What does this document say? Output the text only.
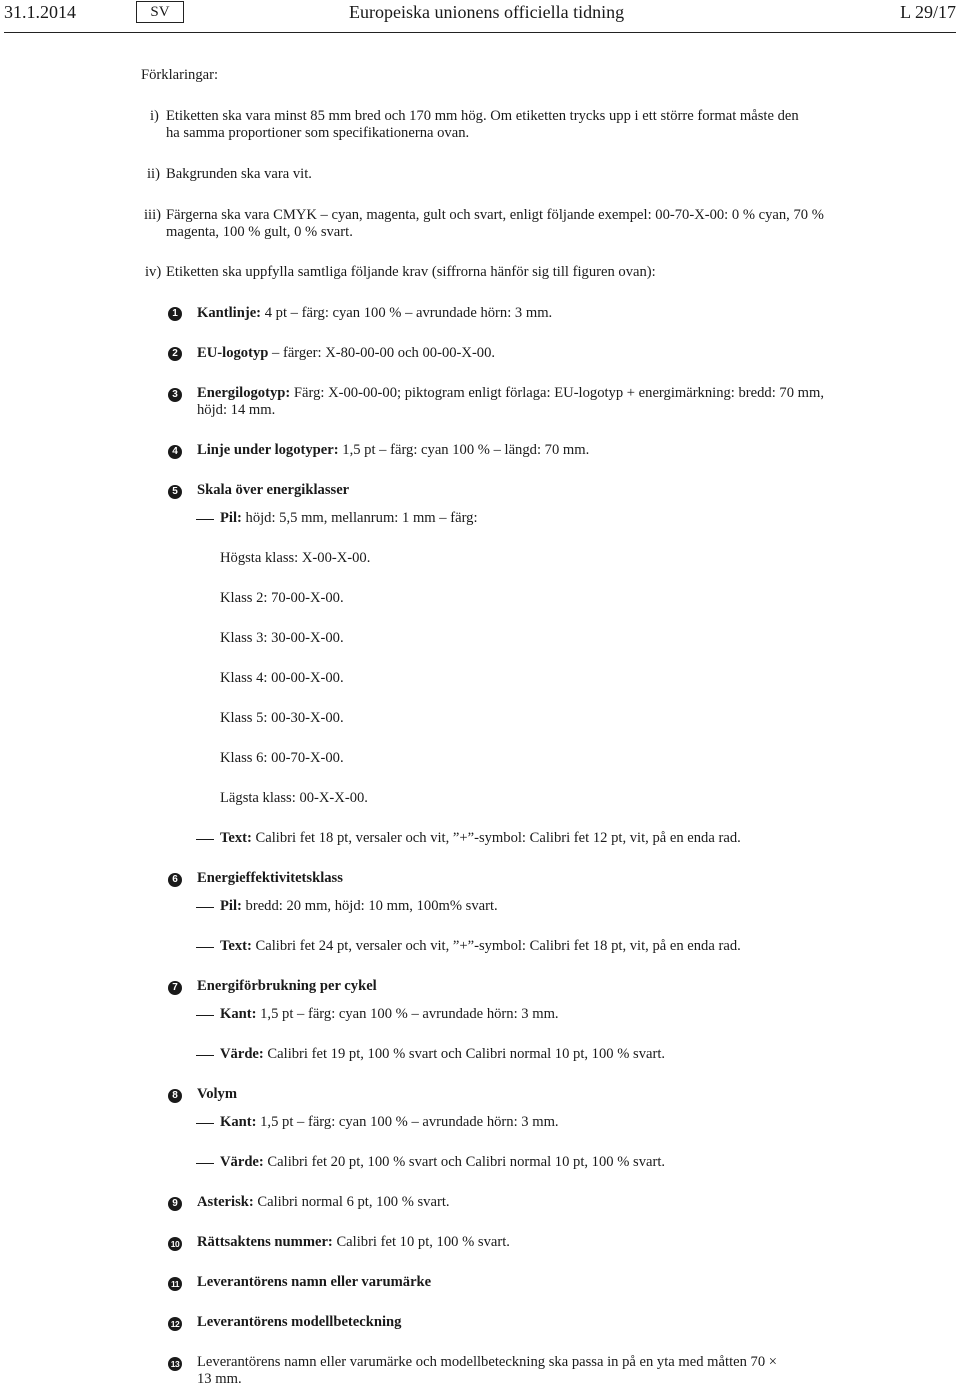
31.1.2014	SV	Europeiska unionens officiella tidning	L 29/17
Förklaringar:
i) Etiketten ska vara minst 85 mm bred och 170 mm hög. Om etiketten trycks upp i ett större format måste den
ha samma proportioner som specifikationerna ovan.
ii) Bakgrunden ska vara vit.
iii) Färgerna ska vara CMYK – cyan, magenta, gult och svart, enligt följande exempel: 00-70-X-00: 0 % cyan, 70 %
magenta, 100 % gult, 0 % svart.
iv) Etiketten ska uppfylla samtliga följande krav (siffrorna hänför sig till figuren ovan):
1 Kantlinje: 4 pt – färg: cyan 100 % – avrundade hörn: 3 mm.
2 EU-logotyp – färger: X-80-00-00 och 00-00-X-00.
3 Energilogotyp: Färg: X-00-00-00; piktogram enligt förlaga: EU-logotyp + energimärkning: bredd: 70 mm,
höjd: 14 mm.
4 Linje under logotyper: 1,5 pt – färg: cyan 100 % – längd: 70 mm.
5 Skala över energiklasser
Pil: höjd: 5,5 mm, mellanrum: 1 mm – färg:
Högsta klass: X-00-X-00.
Klass 2: 70-00-X-00.
Klass 3: 30-00-X-00.
Klass 4: 00-00-X-00.
Klass 5: 00-30-X-00.
Klass 6: 00-70-X-00.
Lägsta klass: 00-X-X-00.
Text: Calibri fet 18 pt, versaler och vit, ”+”-symbol: Calibri fet 12 pt, vit, på en enda rad.
6 Energieffektivitetsklass
Pil: bredd: 20 mm, höjd: 10 mm, 100m% svart.
Text: Calibri fet 24 pt, versaler och vit, ”+”-symbol: Calibri fet 18 pt, vit, på en enda rad.
7 Energiförbrukning per cykel
Kant: 1,5 pt – färg: cyan 100 % – avrundade hörn: 3 mm.
Värde: Calibri fet 19 pt, 100 % svart och Calibri normal 10 pt, 100 % svart.
8 Volym
Kant: 1,5 pt – färg: cyan 100 % – avrundade hörn: 3 mm.
Värde: Calibri fet 20 pt, 100 % svart och Calibri normal 10 pt, 100 % svart.
9 Asterisk: Calibri normal 6 pt, 100 % svart.
10 Rättsaktens nummer: Calibri fet 10 pt, 100 % svart.
11 Leverantörens namn eller varumärke
12 Leverantörens modellbeteckning
13 Leverantörens namn eller varumärke och modellbeteckning ska passa in på en yta med måtten 70 ×
13 mm.
